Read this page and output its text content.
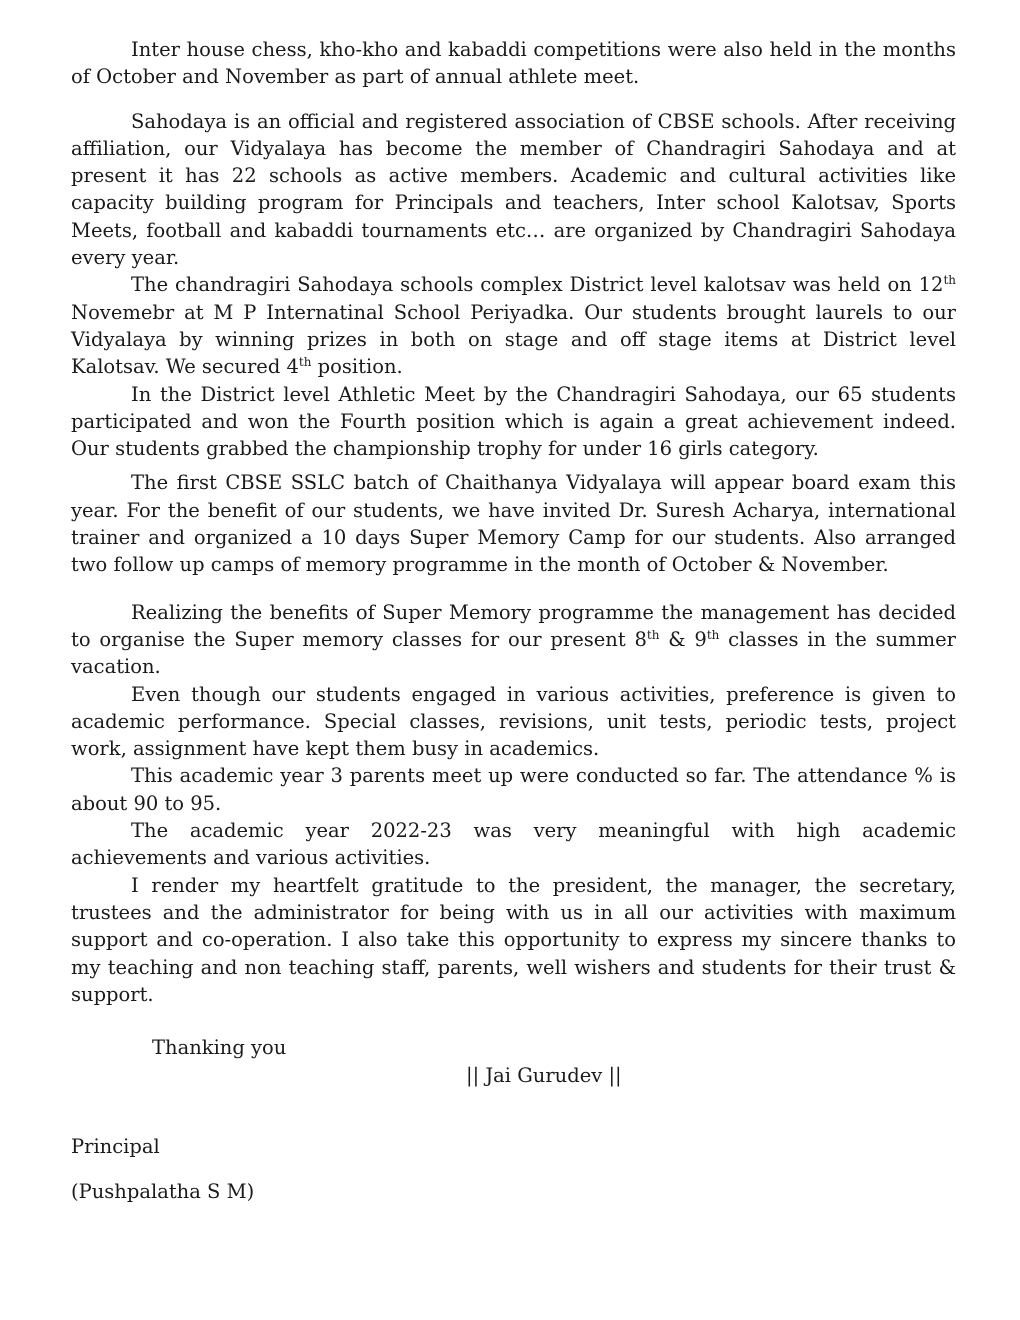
Inter house chess, kho-kho and kabaddi competitions were also held in the months of October and November as part of annual athlete meet.

Sahodaya is an official and registered association of CBSE schools. After receiving affiliation, our Vidyalaya has become the member of Chandragiri Sahodaya and at present it has 22 schools as active members. Academic and cultural activities like capacity building program for Principals and teachers, Inter school Kalotsav, Sports Meets, football and kabaddi tournaments etc… are organized by Chandragiri Sahodaya every year.

The chandragiri Sahodaya schools complex District level kalotsav was held on 12th Novemebr at M P Internatinal School Periyadka. Our students brought laurels to our Vidyalaya by winning prizes in both on stage and off stage items at District level Kalotsav. We secured 4th position.

In the District level Athletic Meet by the Chandragiri Sahodaya, our 65 students participated and won the Fourth position which is again a great achievement indeed. Our students grabbed the championship trophy for under 16 girls category.

The first CBSE SSLC batch of Chaithanya Vidyalaya will appear board exam this year. For the benefit of our students, we have invited Dr. Suresh Acharya, international trainer and organized a 10 days Super Memory Camp for our students. Also arranged two follow up camps of memory programme in the month of October & November.

Realizing the benefits of Super Memory programme the management has decided to organise the Super memory classes for our present 8th & 9th classes in the summer vacation.

Even though our students engaged in various activities, preference is given to academic performance. Special classes, revisions, unit tests, periodic tests, project work, assignment have kept them busy in academics.

This academic year 3 parents meet up were conducted so far. The attendance % is about 90 to 95.

The academic year 2022-23 was very meaningful with high academic achievements and various activities.

I render my heartfelt gratitude to the president, the manager, the secretary, trustees and the administrator for being with us in all our activities with maximum support and co-operation. I also take this opportunity to express my sincere thanks to my teaching and non teaching staff, parents, well wishers and students for their trust & support.

Thanking you

|| Jai Gurudev ||

Principal

(Pushpalatha S M)
